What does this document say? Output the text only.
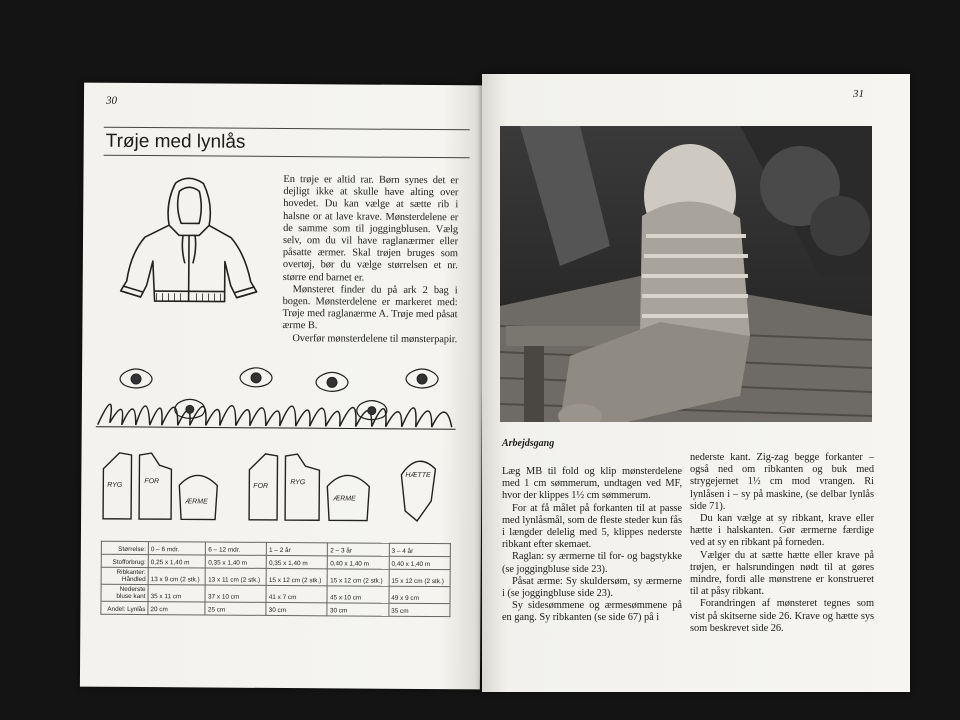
30
Trøje med lynlås

En trøje er altid rar. Børn synes det er dejligt ikke at skulle have alting over hovedet. Du kan vælge at sætte rib i halsne or at lave krave. Mønsterdelene er de samme som til joggingblusen. Vælg selv, om du vil have raglanærmer eller påsatte ærmer. Skal trøjen bruges som overtøj, bør du vælge størrelsen et nr. større end barnet er.

Mønsteret finder du på ark 2 bag i bogen. Mønsterdelene er markeret med: Trøje med raglanærme A. Trøje med påsat ærme B.

Overfør mønsterdelene til mønsterpapir.

RYG
FOR
ÆRME
FOR
RYG
ÆRME
HÆTTE
Størrelse:	0 – 6 mdr.	6 – 12 mdr.	1 – 2 år	2 – 3 år	3 – 4 år
Stofforbrug:	0,25 x 1,40 m	0,35 x 1,40 m	0,35 x 1,40 m	0,40 x 1,40 m	0,40 x 1,40 m
Ribkanter: Håndled	13 x 9 cm (2 stk.)	13 x 11 cm (2 stk.)	15 x 12 cm (2 stk.)	15 x 12 cm (2 stk.)	15 x 12 cm (2 stk.)
Nederste bluse kant	35 x 11 cm	37 x 10 cm	41 x 7 cm	45 x 10 cm	49 x 9 cm
Andel: Lynlås	20 cm	25 cm	30 cm	30 cm	35 cm
31
Arbejdsgang

Læg MB til fold og klip mønsterdelene med 1 cm sømmerum, undtagen ved MF, hvor der klippes 1½ cm sømmerum.

For at få målet på forkanten til at passe med lynlåsmål, som de fleste steder kun fås i længder delelig med 5, klippes nederste ribkant efter skemaet.

Raglan: sy ærmerne til for- og bagstykke (se joggingbluse side 23).

Påsat ærme: Sy skuldersøm, sy ærmerne i (se joggingbluse side 23).

Sy sidesømmene og ærmesømmene på en gang. Sy ribkanten (se side 67) på i

nederste kant. Zig-zag begge forkanter – også ned om ribkanten og buk med strygejernet 1½ cm mod vrangen. Ri lynlåsen i – sy på maskine, (se delbar lynlås side 71).

Du kan vælge at sy ribkant, krave eller hætte i halskanten. Gør ærmerne færdige ved at sy en ribkant på forneden.

Vælger du at sætte hætte eller krave på trøjen, er halsrundingen nødt til at gøres mindre, fordi alle mønstrene er konstrueret til at påsy ribkant.

Forandringen af mønsteret tegnes som vist på skitserne side 26. Krave og hætte sys som beskrevet side 26.
